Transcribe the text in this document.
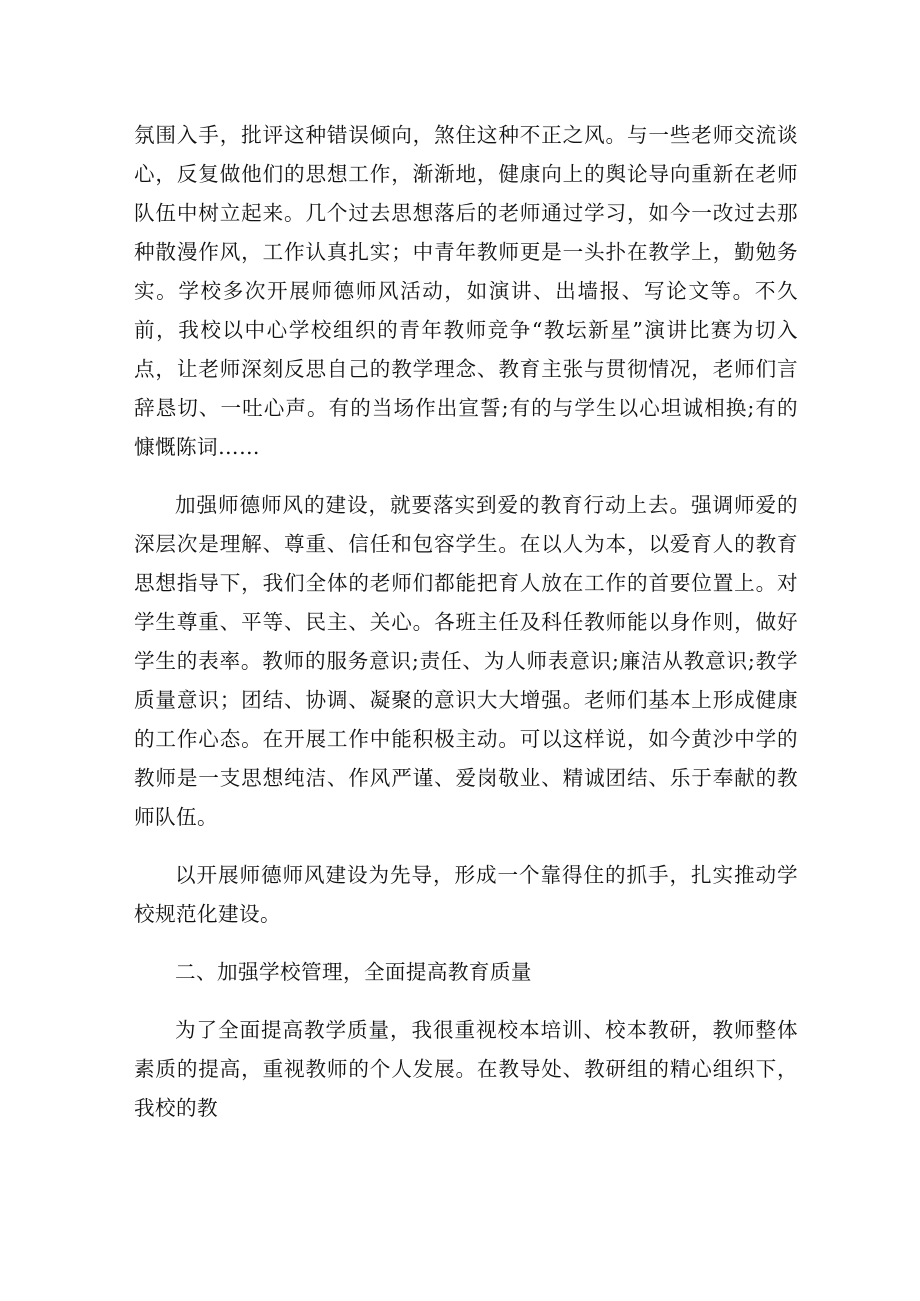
氛围入手，批评这种错误倾向，煞住这种不正之风。与一些老师交流谈心，反复做他们的思想工作，渐渐地，健康向上的舆论导向重新在老师队伍中树立起来。几个过去思想落后的老师通过学习，如今一改过去那种散漫作风，工作认真扎实；中青年教师更是一头扑在教学上，勤勉务实。学校多次开展师德师风活动，如演讲、出墙报、写论文等。不久前，我校以中心学校组织的青年教师竞争“教坛新星”演讲比赛为切入点，让老师深刻反思自己的教学理念、教育主张与贯彻情况，老师们言辞恳切、一吐心声。有的当场作出宣誓;有的与学生以心坦诚相换;有的慷慨陈词……

加强师德师风的建设，就要落实到爱的教育行动上去。强调师爱的深层次是理解、尊重、信任和包容学生。在以人为本，以爱育人的教育思想指导下，我们全体的老师们都能把育人放在工作的首要位置上。对学生尊重、平等、民主、关心。各班主任及科任教师能以身作则，做好学生的表率。教师的服务意识;责任、为人师表意识;廉洁从教意识;教学质量意识；团结、协调、凝聚的意识大大增强。老师们基本上形成健康的工作心态。在开展工作中能积极主动。可以这样说，如今黄沙中学的教师是一支思想纯洁、作风严谨、爱岗敬业、精诚团结、乐于奉献的教师队伍。

以开展师德师风建设为先导，形成一个靠得住的抓手，扎实推动学校规范化建设。

二、加强学校管理，全面提高教育质量

为了全面提高教学质量，我很重视校本培训、校本教研，教师整体素质的提高，重视教师的个人发展。在教导处、教研组的精心组织下，我校的教
